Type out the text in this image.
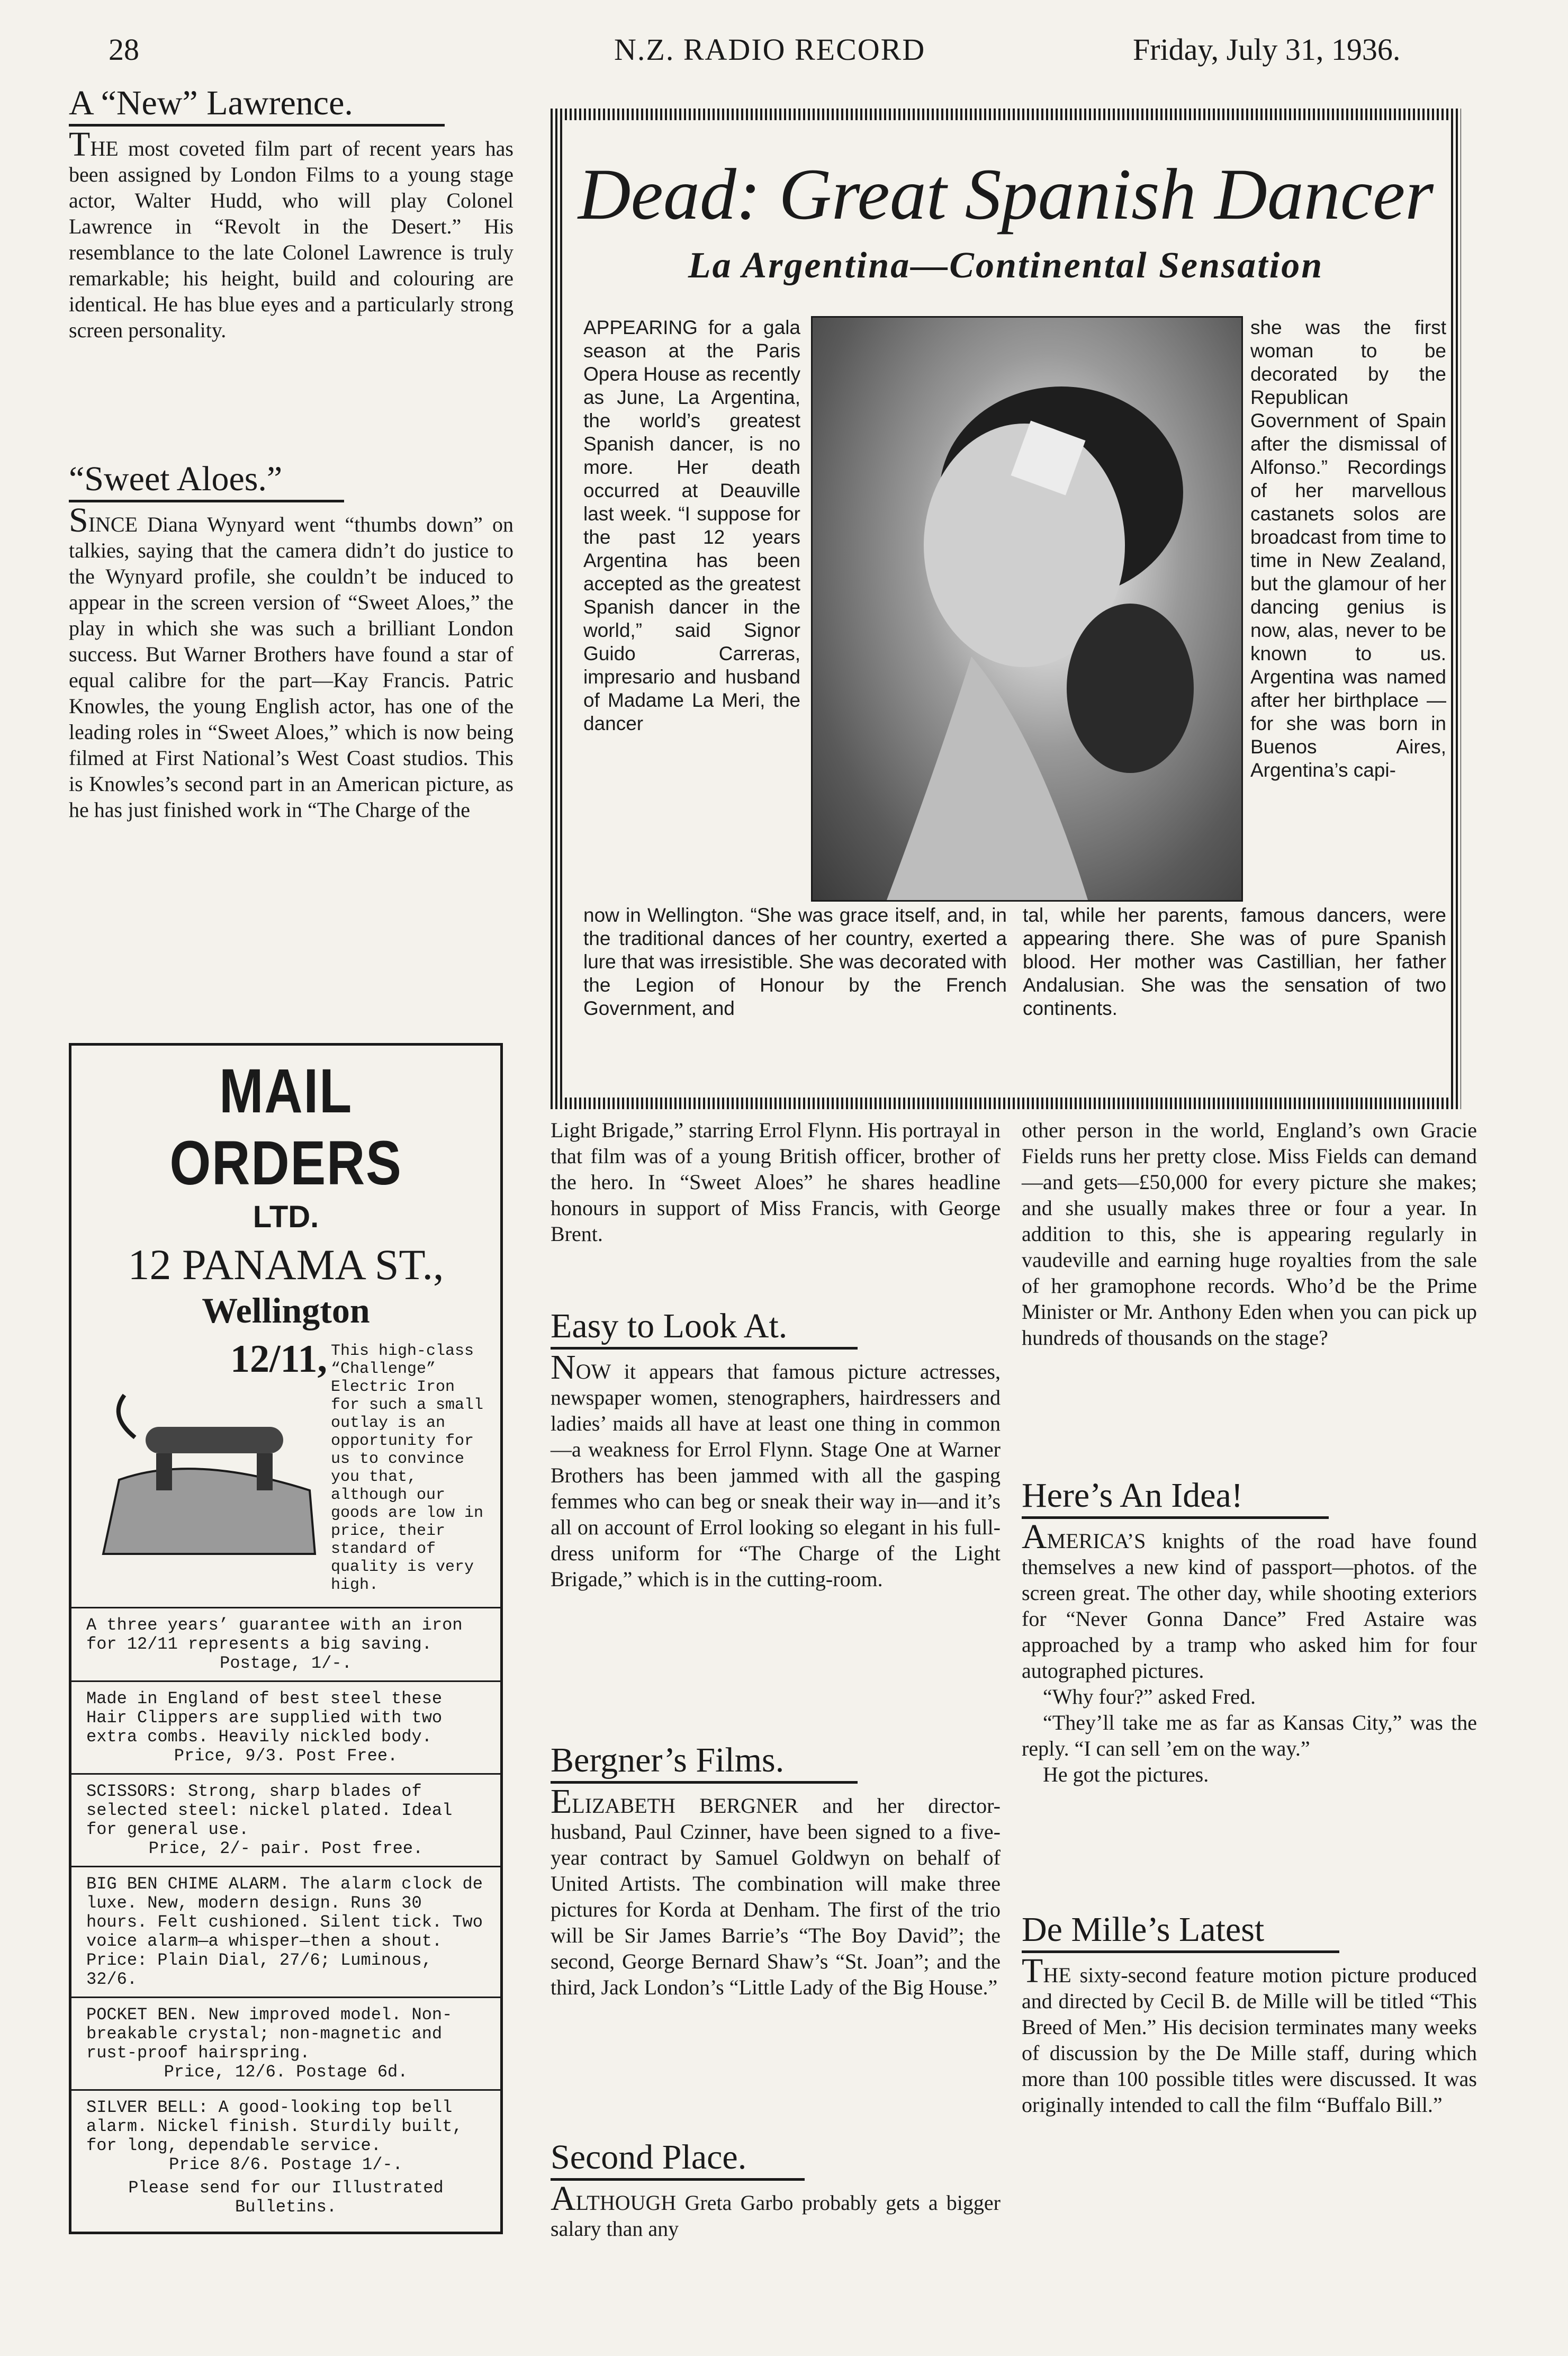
28	N.Z. RADIO RECORD	Friday, July 31, 1936.
A “New” Lawrence.
THE most coveted film part of recent years has been assigned by London Films to a young stage actor, Walter Hudd, who will play Colonel Lawrence in “Revolt in the Desert.” His resemblance to the late Colonel Lawrence is truly remarkable; his height, build and colouring are identical. He has blue eyes and a particularly strong screen personality.
“Sweet Aloes.”
SINCE Diana Wynyard went “thumbs down” on talkies, saying that the camera didn’t do justice to the Wynyard profile, she couldn’t be induced to appear in the screen version of “Sweet Aloes,” the play in which she was such a brilliant London success. But Warner Brothers have found a star of equal calibre for the part—Kay Francis. Patric Knowles, the young English actor, has one of the leading roles in “Sweet Aloes,” which is now being filmed at First National’s West Coast studios. This is Knowles’s second part in an American picture, as he has just finished work in “The Charge of the
Dead: Great Spanish Dancer
La Argentina—Continental Sensation
APPEARING for a gala season at the Paris Opera House as recently as June, La Argentina, the world’s greatest Spanish dancer, is no more. Her death occurred at Deauville last week. “I suppose for the past 12 years Argentina has been accepted as the greatest Spanish dancer in the world,” said Signor Guido Carreras, impresario and husband of Madame La Meri, the dancer
she was the first woman to be decorated by the Republican Government of Spain after the dismissal of Alfonso.” Recordings of her marvellous castanets solos are broadcast from time to time in New Zealand, but the glamour of her dancing genius is now, alas, never to be known to us. Argentina was named after her birthplace — for she was born in Buenos Aires, Argentina’s capi-
now in Wellington. “She was grace itself, and, in the traditional dances of her country, exerted a lure that was irresistible. She was decorated with the Legion of Honour by the French Government, and
tal, while her parents, famous dancers, were appearing there. She was of pure Spanish blood. Her mother was Castillian, her father Andalusian. She was the sensation of two continents.
Light Brigade,” starring Errol Flynn. His portrayal in that film was of a young British officer, brother of the hero. In “Sweet Aloes” he shares headline honours in support of Miss Francis, with George Brent.
Easy to Look At.
NOW it appears that famous picture actresses, newspaper women, stenographers, hairdressers and ladies’ maids all have at least one thing in common—a weakness for Errol Flynn. Stage One at Warner Brothers has been jammed with all the gasping femmes who can beg or sneak their way in—and it’s all on account of Errol looking so elegant in his full-dress uniform for “The Charge of the Light Brigade,” which is in the cutting-room.
Bergner’s Films.
ELIZABETH BERGNER and her director-husband, Paul Czinner, have been signed to a five-year contract by Samuel Goldwyn on behalf of United Artists. The combination will make three pictures for Korda at Denham. The first of the trio will be Sir James Barrie’s “The Boy David”; the second, George Bernard Shaw’s “St. Joan”; and the third, Jack London’s “Little Lady of the Big House.”
Second Place.
ALTHOUGH Greta Garbo probably gets a bigger salary than any
other person in the world, England’s own Gracie Fields runs her pretty close. Miss Fields can demand—and gets—£50,000 for every picture she makes; and she usually makes three or four a year. In addition to this, she is appearing regularly in vaudeville and earning huge royalties from the sale of her gramophone records. Who’d be the Prime Minister or Mr. Anthony Eden when you can pick up hundreds of thousands on the stage?
Here’s An Idea!
AMERICA’S knights of the road have found themselves a new kind of passport—photos. of the screen great. The other day, while shooting exteriors for “Never Gonna Dance” Fred Astaire was approached by a tramp who asked him for four autographed pictures.
“Why four?” asked Fred.
“They’ll take me as far as Kansas City,” was the reply. “I can sell ’em on the way.”
He got the pictures.
De Mille’s Latest
THE sixty-second feature motion picture produced and directed by Cecil B. de Mille will be titled “This Breed of Men.” His decision terminates many weeks of discussion by the De Mille staff, during which more than 100 possible titles were discussed. It was originally intended to call the film “Buffalo Bill.”
MAIL ORDERS
LTD.
12 PANAMA ST.,
Wellington
12/11, This high-class “Challenge” Electric Iron for such a small outlay is an opportunity for us to convince you that, although our goods are low in price, their standard of quality is very high.
A three years’ guarantee with an iron for 12/11 represents a big saving.
Postage, 1/-.
Made in England of best steel these Hair Clippers are supplied with two extra combs. Heavily nickled body.
Price, 9/3. Post Free.
SCISSORS: Strong, sharp blades of selected steel: nickel plated. Ideal for general use.
Price, 2/- pair. Post free.
BIG BEN CHIME ALARM. The alarm clock de luxe. New, modern design. Runs 30 hours. Felt cushioned. Silent tick. Two voice alarm—a whisper—then a shout.
Price: Plain Dial, 27/6; Luminous, 32/6.
POCKET BEN. New improved model. Non-breakable crystal; non-magnetic and rust-proof hairspring.
Price, 12/6. Postage 6d.
SILVER BELL: A good-looking top bell alarm. Nickel finish. Sturdily built, for long, dependable service.
Price 8/6. Postage 1/-.
Please send for our Illustrated Bulletins.
